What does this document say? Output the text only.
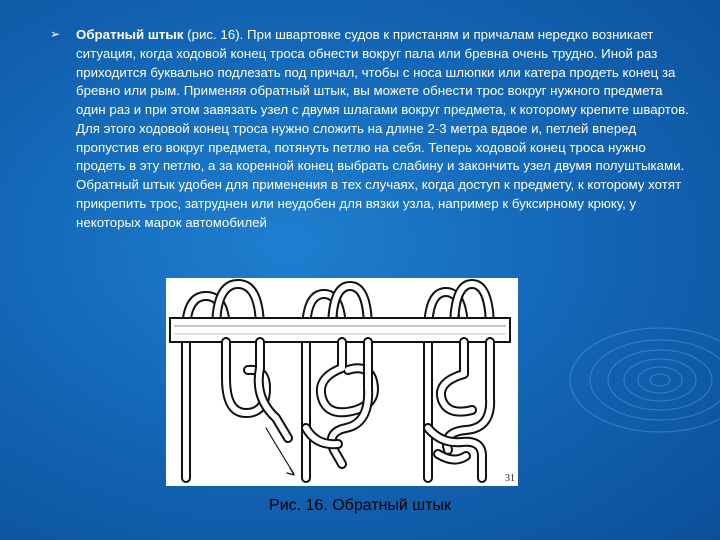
➢ Обратный штык (рис. 16). При швартовке судов к пристаням и причалам нередко возникает ситуация, когда ходовой конец троса обнести вокруг пала или бревна очень трудно. Иной раз приходится буквально подлезать под причал, чтобы с носа шлюпки или катера продеть конец за бревно или рым. Применяя обратный штык, вы можете обнести трос вокруг нужного предмета один раз и при этом завязать узел с двумя шлагами вокруг предмета, к которому крепите швартов. Для этого ходовой конец троса нужно сложить на длине 2-3 метра вдвое и, петлей вперед пропустив его вокруг предмета, потянуть петлю на себя. Теперь ходовой конец троса нужно продеть в эту петлю, а за коренной конец выбрать слабину и закончить узел двумя полуштыками. Обратный штык удобен для применения в тех случаях, когда доступ к предмету, к которому хотят прикрепить трос, затруднен или неудобен для вязки узла, например к буксирному крюку, у некоторых марок автомобилей
31
Рис. 16. Обратный штык
